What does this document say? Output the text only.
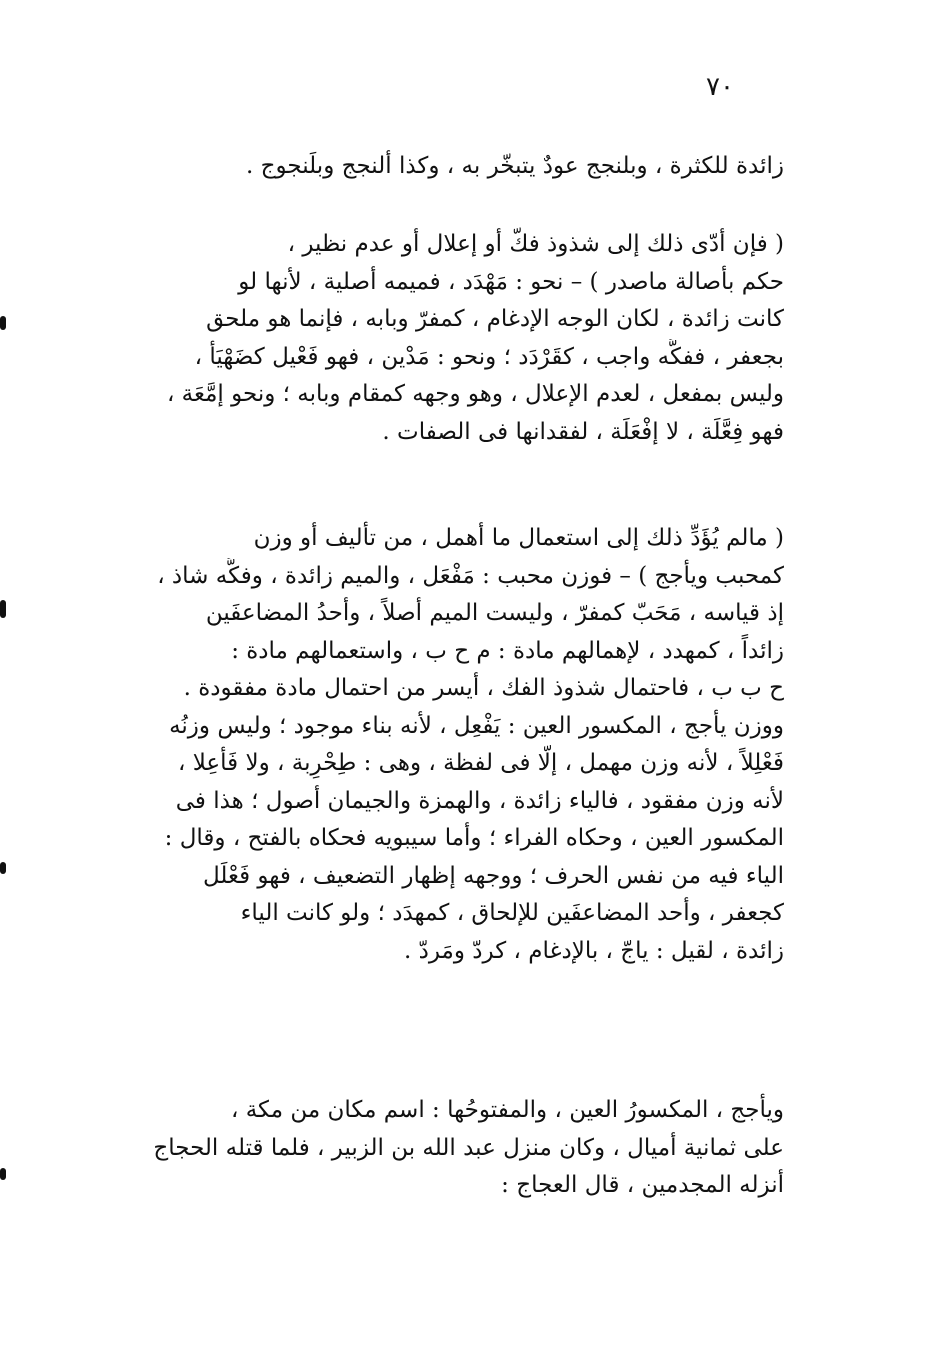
٧٠
زائدة للكثرة ، وبلنجج عودٌ يتبخّر به ، وكذا ألنجج وبلَنجوج .
( فإن أدّى ذلك إلى شذوذ فكّ أو إعلال أو عدم نظير ،
حكم بأصالة ماصدر ) – نحو : مَهْدَد ، فميمه أصلية ، لأنها لو
كانت زائدة ، لكان الوجه الإدغام ، كمفرّ وبابه ، فإنما هو ملحق
بجعفر ، ففكُّه واجب ، كقَرْدَد ؛ ونحو : مَدْين ، فهو فَعْيل كضَهْيَأ ،
وليس بمفعل ، لعدم الإعلال ، وهو وجهه كمقام وبابه ؛ ونحو إمَّعَة ،
فهو فِعَّلَة ، لا إفْعَلَة ، لفقدانها فى الصفات .
( مالم يُؤَدِّ ذلك إلى استعمال ما أهمل ، من تأليف أو وزن
كمحبب ويأجج ) – فوزن محبب : مَفْعَل ، والميم زائدة ، وفكُّه شاذ ،
إذ قياسه ، مَحَبّ كمفرّ ، وليست الميم أصلاً ، وأحدُ المضاعفَين
زائداً ، كمهدد ، لإهمالهم مادة : م ح ب ، واستعمالهم مادة :
ح ب ب ، فاحتمال شذوذ الفك ، أيسر من احتمال مادة مفقودة .
ووزن يأجج ، المكسور العين : يَفْعِل ، لأنه بناء موجود ؛ وليس وزنُه
فَعْلِلاً ، لأنه وزن مهمل ، إلّا فى لفظة ، وهى : طِحْرِبة ، ولا فَأْعِلا ،
لأنه وزن مفقود ، فالياء زائدة ، والهمزة والجيمان أصول ؛ هذا فى
المكسور العين ، وحكاه الفراء ؛ وأما سيبويه فحكاه بالفتح ، وقال :
الياء فيه من نفس الحرف ؛ ووجهه إظهار التضعيف ، فهو فَعْلَل
كجعفر ، وأحد المضاعفَين للإلحاق ، كمهدَد ؛ ولو كانت الياء
زائدة ، لقيل : ياجّ ، بالإدغام ، كردّ ومَردّ .
ويأجج ، المكسورُ العين ، والمفتوحُها : اسم مكان من مكة ،
على ثمانية أميال ، وكان منزل عبد الله بن الزبير ، فلما قتله الحجاج
أنزله المجدمين ، قال العجاج :
